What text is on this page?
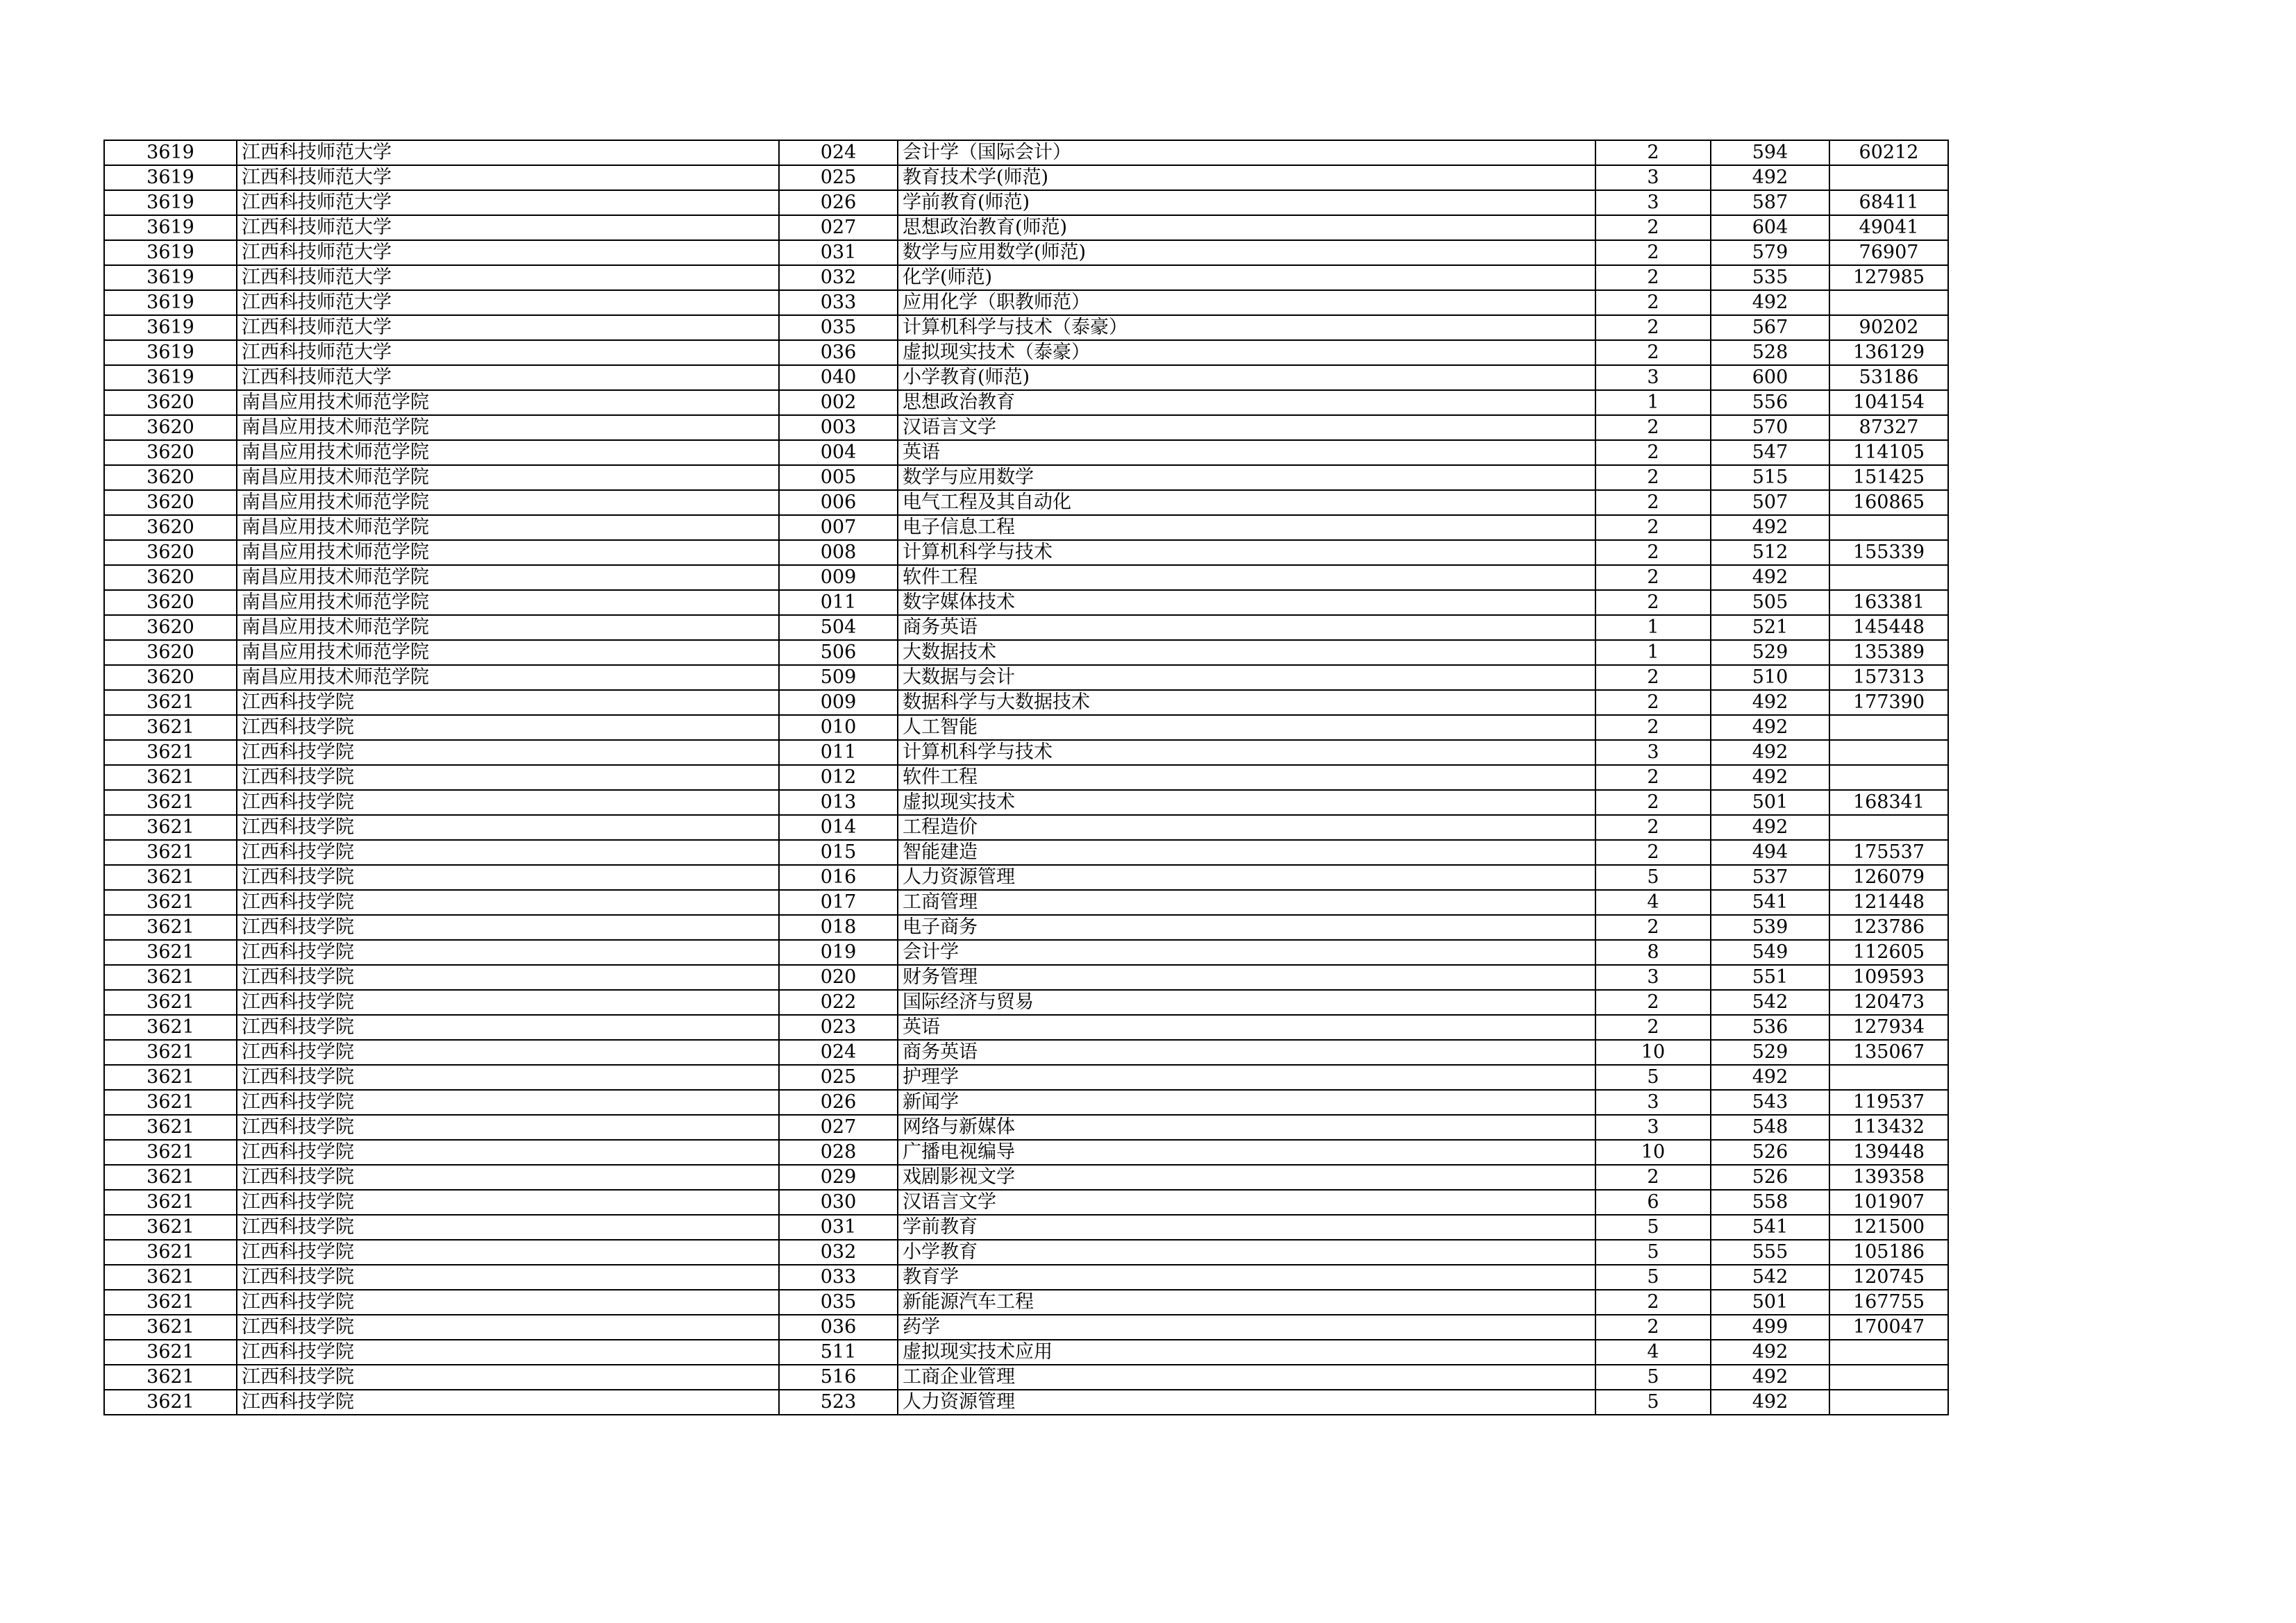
3619	江西科技师范大学	024	会计学（国际会计）	2	594	60212
3619	江西科技师范大学	025	教育技术学(师范)	3	492	
3619	江西科技师范大学	026	学前教育(师范)	3	587	68411
3619	江西科技师范大学	027	思想政治教育(师范)	2	604	49041
3619	江西科技师范大学	031	数学与应用数学(师范)	2	579	76907
3619	江西科技师范大学	032	化学(师范)	2	535	127985
3619	江西科技师范大学	033	应用化学（职教师范）	2	492	
3619	江西科技师范大学	035	计算机科学与技术（泰豪）	2	567	90202
3619	江西科技师范大学	036	虚拟现实技术（泰豪）	2	528	136129
3619	江西科技师范大学	040	小学教育(师范)	3	600	53186
3620	南昌应用技术师范学院	002	思想政治教育	1	556	104154
3620	南昌应用技术师范学院	003	汉语言文学	2	570	87327
3620	南昌应用技术师范学院	004	英语	2	547	114105
3620	南昌应用技术师范学院	005	数学与应用数学	2	515	151425
3620	南昌应用技术师范学院	006	电气工程及其自动化	2	507	160865
3620	南昌应用技术师范学院	007	电子信息工程	2	492	
3620	南昌应用技术师范学院	008	计算机科学与技术	2	512	155339
3620	南昌应用技术师范学院	009	软件工程	2	492	
3620	南昌应用技术师范学院	011	数字媒体技术	2	505	163381
3620	南昌应用技术师范学院	504	商务英语	1	521	145448
3620	南昌应用技术师范学院	506	大数据技术	1	529	135389
3620	南昌应用技术师范学院	509	大数据与会计	2	510	157313
3621	江西科技学院	009	数据科学与大数据技术	2	492	177390
3621	江西科技学院	010	人工智能	2	492	
3621	江西科技学院	011	计算机科学与技术	3	492	
3621	江西科技学院	012	软件工程	2	492	
3621	江西科技学院	013	虚拟现实技术	2	501	168341
3621	江西科技学院	014	工程造价	2	492	
3621	江西科技学院	015	智能建造	2	494	175537
3621	江西科技学院	016	人力资源管理	5	537	126079
3621	江西科技学院	017	工商管理	4	541	121448
3621	江西科技学院	018	电子商务	2	539	123786
3621	江西科技学院	019	会计学	8	549	112605
3621	江西科技学院	020	财务管理	3	551	109593
3621	江西科技学院	022	国际经济与贸易	2	542	120473
3621	江西科技学院	023	英语	2	536	127934
3621	江西科技学院	024	商务英语	10	529	135067
3621	江西科技学院	025	护理学	5	492	
3621	江西科技学院	026	新闻学	3	543	119537
3621	江西科技学院	027	网络与新媒体	3	548	113432
3621	江西科技学院	028	广播电视编导	10	526	139448
3621	江西科技学院	029	戏剧影视文学	2	526	139358
3621	江西科技学院	030	汉语言文学	6	558	101907
3621	江西科技学院	031	学前教育	5	541	121500
3621	江西科技学院	032	小学教育	5	555	105186
3621	江西科技学院	033	教育学	5	542	120745
3621	江西科技学院	035	新能源汽车工程	2	501	167755
3621	江西科技学院	036	药学	2	499	170047
3621	江西科技学院	511	虚拟现实技术应用	4	492	
3621	江西科技学院	516	工商企业管理	5	492	
3621	江西科技学院	523	人力资源管理	5	492	
